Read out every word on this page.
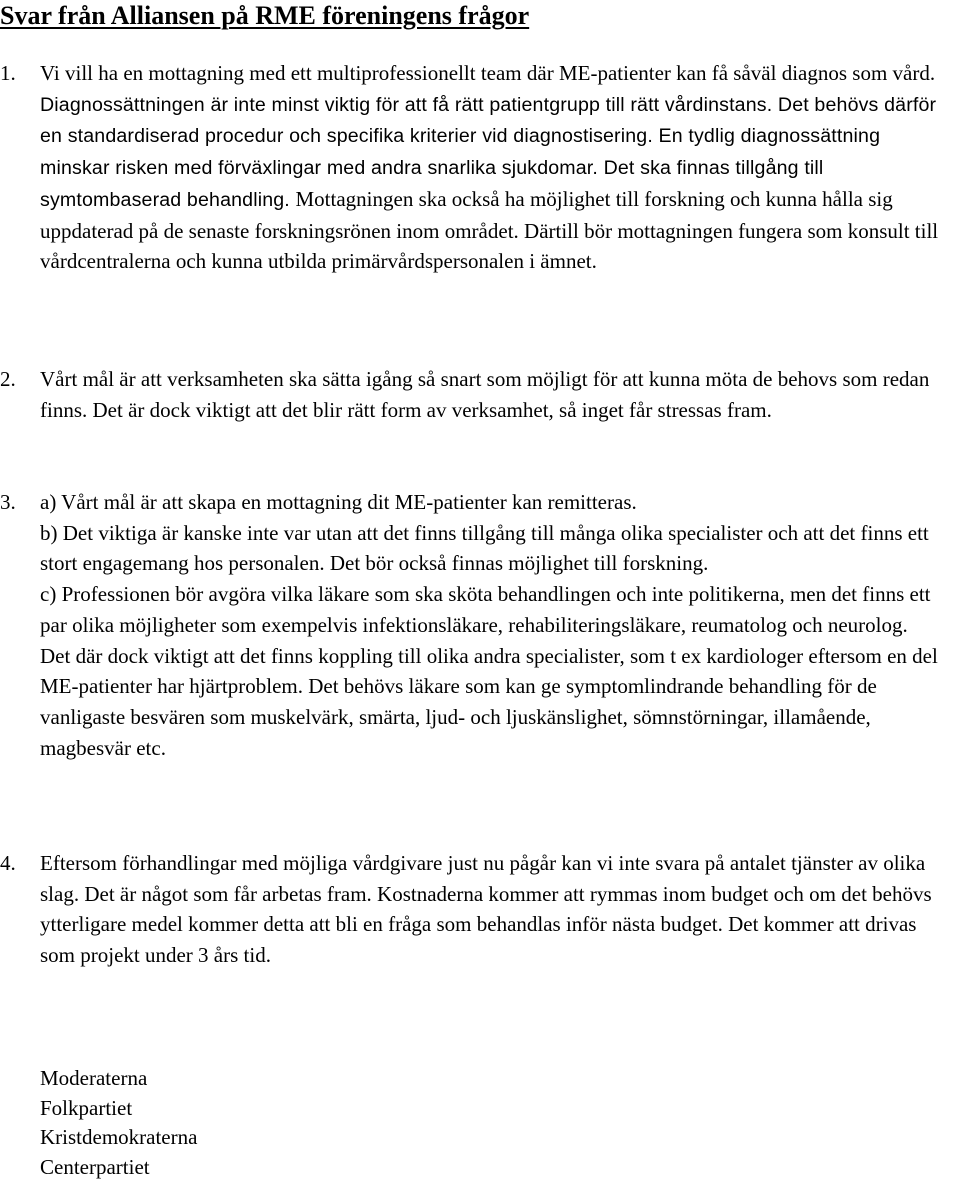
Svar från Alliansen på RME föreningens frågor
1. Vi vill ha en mottagning med ett multiprofessionellt team där ME-patienter kan få såväl diagnos som vård. Diagnossättningen är inte minst viktig för att få rätt patientgrupp till rätt vårdinstans. Det behövs därför en standardiserad procedur och specifika kriterier vid diagnostisering. En tydlig diagnossättning minskar risken med förväxlingar med andra snarlika sjukdomar. Det ska finnas tillgång till symtombaserad behandling. Mottagningen ska också ha möjlighet till forskning och kunna hålla sig uppdaterad på de senaste forskningsrönen inom området. Därtill bör mottagningen fungera som konsult till vårdcentralerna och kunna utbilda primärvårdspersonalen i ämnet.
2. Vårt mål är att verksamheten ska sätta igång så snart som möjligt för att kunna möta de behovs som redan finns. Det är dock viktigt att det blir rätt form av verksamhet, så inget får stressas fram.
3. a) Vårt mål är att skapa en mottagning dit ME-patienter kan remitteras.
b) Det viktiga är kanske inte var utan att det finns tillgång till många olika specialister och att det finns ett stort engagemang hos personalen. Det bör också finnas möjlighet till forskning.
c) Professionen bör avgöra vilka läkare som ska sköta behandlingen och inte politikerna, men det finns ett par olika möjligheter som exempelvis infektionsläkare, rehabiliteringsläkare, reumatolog och neurolog. Det där dock viktigt att det finns koppling till olika andra specialister, som t ex kardiologer eftersom en del ME-patienter har hjärtproblem. Det behövs läkare som kan ge symptomlindrande behandling för de vanligaste besvären som muskelvärk, smärta, ljud- och ljuskänslighet, sömnstörningar, illamående, magbesvär etc.
4. Eftersom förhandlingar med möjliga vårdgivare just nu pågår kan vi inte svara på antalet tjänster av olika slag. Det är något som får arbetas fram. Kostnaderna kommer att rymmas inom budget och om det behövs ytterligare medel kommer detta att bli en fråga som behandlas inför nästa budget. Det kommer att drivas som projekt under 3 års tid.
Moderaterna
Folkpartiet
Kristdemokraterna
Centerpartiet
